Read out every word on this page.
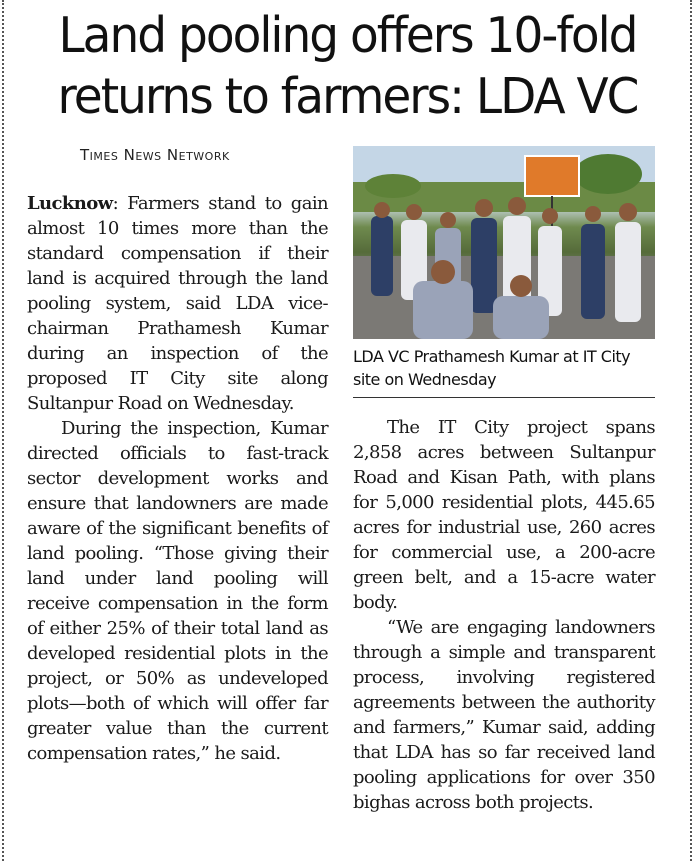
Land pooling offers 10-fold
returns to farmers: LDA VC
Times News Network

Lucknow: Farmers stand to gain almost 10 times more than the standard compensation if their land is acquired through the land pooling system, said LDA vice-chairman Prathamesh Kumar during an inspection of the proposed IT City site along Sultanpur Road on Wednesday.

During the inspection, Kumar directed officials to fast-track sector development works and ensure that landowners are made aware of the significant benefits of land pooling. “Those giving their land under land pooling will receive compensation in the form of either 25% of their total land as developed residential plots in the project, or 50% as undeveloped plots—both of which will offer far greater value than the current compensation rates,” he said.

LDA VC Prathamesh Kumar at IT City site on Wednesday

The IT City project spans 2,858 acres between Sultanpur Road and Kisan Path, with plans for 5,000 residential plots, 445.65 acres for industrial use, 260 acres for commercial use, a 200-acre green belt, and a 15-acre water body.

“We are engaging landowners through a simple and transparent process, involving registered agreements between the authority and farmers,” Kumar said, adding that LDA has so far received land pooling applications for over 350 bighas across both projects.
